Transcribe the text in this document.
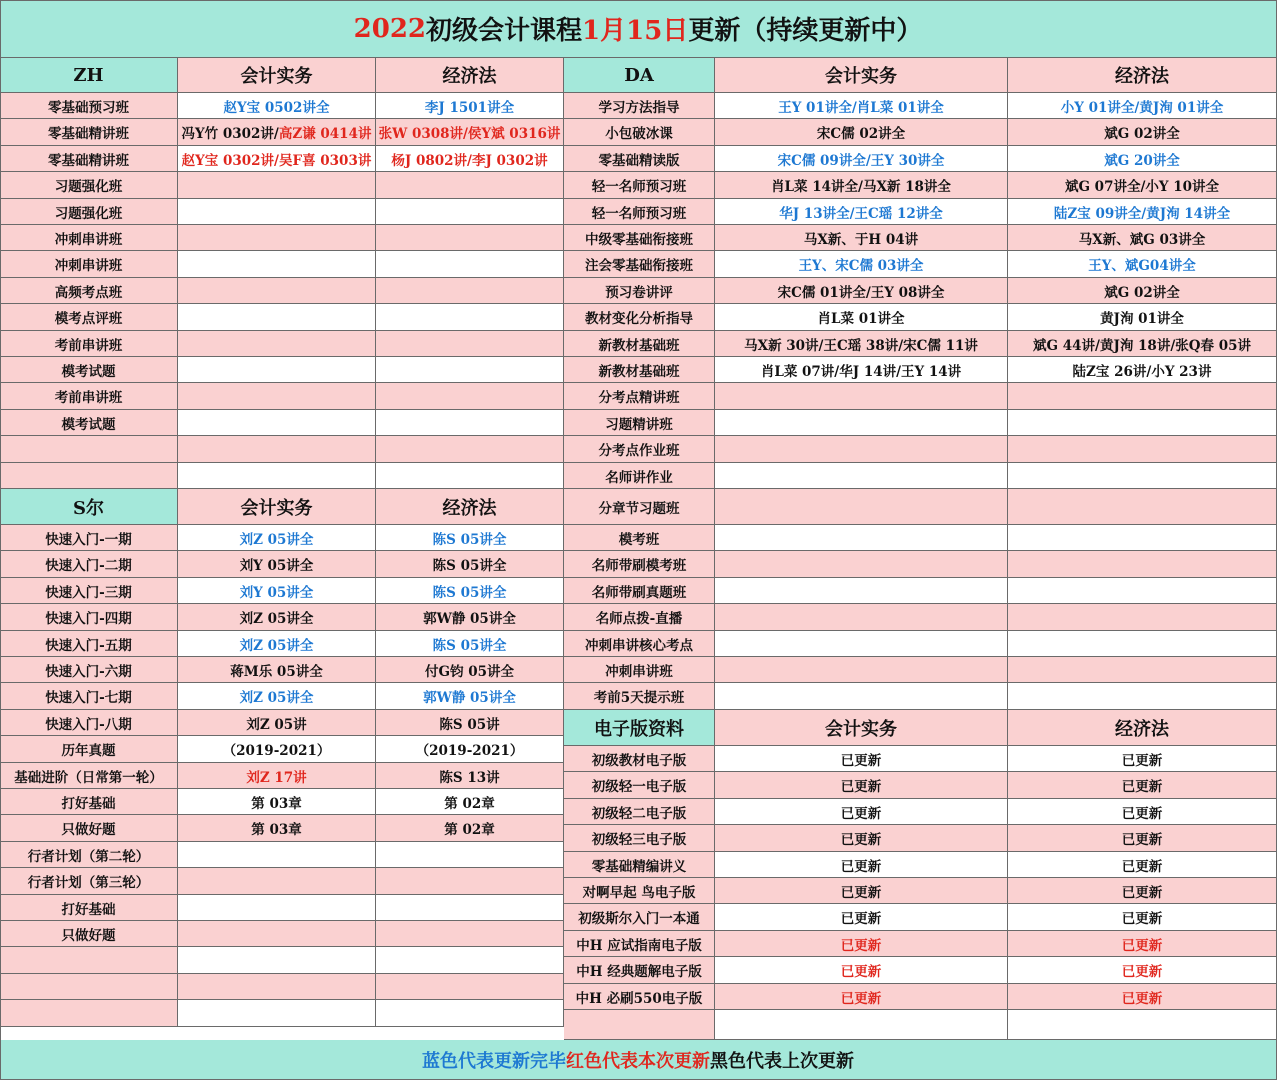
2022 初级会计课程 1月15日 更新（持续更新中）
ZH	会计实务	经济法
零基础预习班	赵Y宝 0502讲全	李J 1501讲全
零基础精讲班	冯Y竹 0302讲/ 高Z谦 0414讲 张W 0308讲/侯Y斌 0316讲
零基础精讲班	赵Y宝 0302讲/吴F喜 0303讲 杨J 0802讲/李J 0302讲
习题强化班
习题强化班
冲刺串讲班
冲刺串讲班
高频考点班
模考点评班
考前串讲班
模考试题
考前串讲班
模考试题
S尔	会计实务	经济法
快速入门-一期	刘Z 05讲全	陈S 05讲全
快速入门-二期	刘Y 05讲全	陈S 05讲全
快速入门-三期	刘Y 05讲全	陈S 05讲全
快速入门-四期	刘Z 05讲全	郭W静 05讲全
快速入门-五期	刘Z 05讲全	陈S 05讲全
快速入门-六期	蒋M乐 05讲全	付G钧 05讲全
快速入门-七期	刘Z 05讲全	郭W静 05讲全
快速入门-八期	刘Z 05讲	陈S 05讲
历年真题	（2019-2021）	（2019-2021）
基础进阶（日常第一轮）	刘Z 17讲	陈S 13讲
打好基础	第 03章	第 02章
只做好题	第 03章	第 02章
行者计划（第二轮）
行者计划（第三轮）
打好基础
只做好题
DA	会计实务	经济法
学习方法指导	王Y 01讲全/肖L菜 01讲全	小Y 01讲全/黄J洵 01讲全
小包破冰课	宋C儒 02讲全	斌G 02讲全
零基础精读版	宋C儒 09讲全/王Y 30讲全	斌G 20讲全
轻一名师预习班	肖L菜 14讲全/马X新 18讲全	斌G 07讲全/小Y 10讲全
轻一名师预习班	华J 13讲全/王C瑶 12讲全	陆Z宝 09讲全/黄J洵 14讲全
中级零基础衔接班	马X新、于H 04讲	马X新、斌G 03讲全
注会零基础衔接班	王Y、宋C儒 03讲全	王Y、斌G04讲全
预习卷讲评	宋C儒 01讲全/王Y 08讲全	斌G 02讲全
教材变化分析指导	肖L菜 01讲全	黄J洵 01讲全
新教材基础班	马X新 30讲/王C瑶 38讲/宋C儒 11讲	斌G 44讲/黄J洵 18讲/张Q春 05讲
新教材基础班	肖L菜 07讲/华J 14讲/王Y 14讲	陆Z宝 26讲/小Y 23讲
分考点精讲班
习题精讲班
分考点作业班
名师讲作业
分章节习题班
模考班
名师带刷模考班
名师带刷真题班
名师点拨-直播
冲刺串讲核心考点
冲刺串讲班
考前5天提示班
电子版资料	会计实务	经济法
初级教材电子版	已更新	已更新
初级轻一电子版	已更新	已更新
初级轻二电子版	已更新	已更新
初级轻三电子版	已更新	已更新
零基础精编讲义	已更新	已更新
对啊早起 鸟电子版	已更新	已更新
初级斯尔入门一本通	已更新	已更新
中H 应试指南电子版	已更新	已更新
中H 经典题解电子版	已更新	已更新
中H 必刷550电子版	已更新	已更新
蓝色代表更新完毕 红色代表本次更新 黑色代表上次更新
